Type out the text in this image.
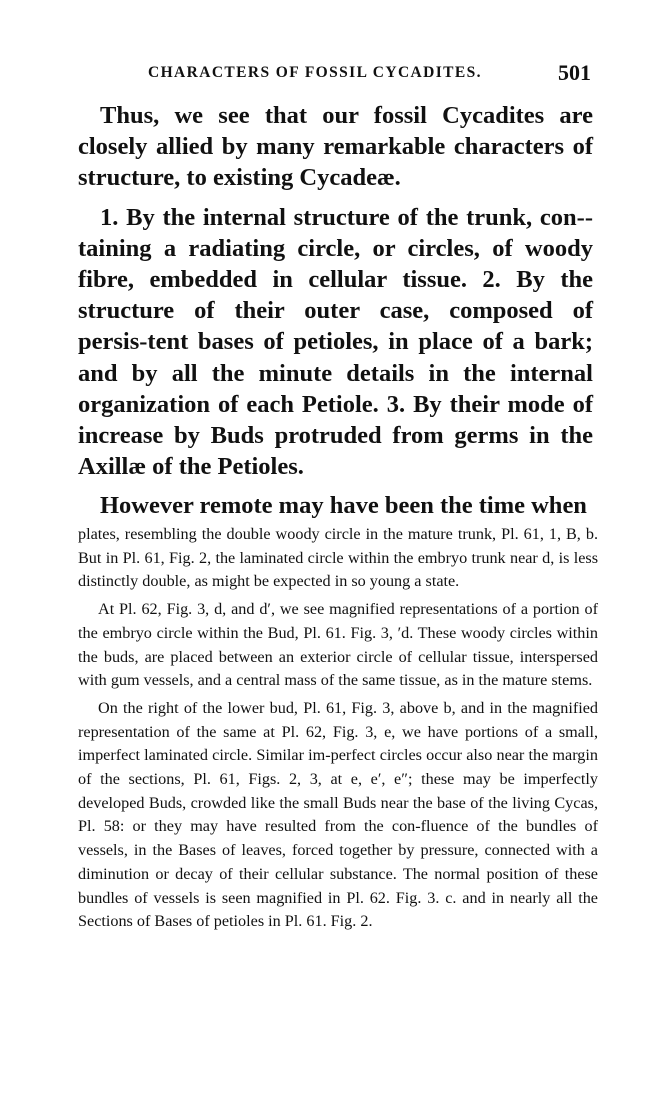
CHARACTERS OF FOSSIL CYCADITES.	501

Thus, we see that our fossil Cycadites are closely allied by many remarkable characters of structure, to existing Cycadeæ.

1. By the internal structure of the trunk, con-taining a radiating circle, or circles, of woody fibre, embedded in cellular tissue. 2. By the structure of their outer case, composed of persis-tent bases of petioles, in place of a bark; and by all the minute details in the internal organization of each Petiole. 3. By their mode of increase by Buds protruded from germs in the Axillæ of the Petioles.

However remote may have been the time when

plates, resembling the double woody circle in the mature trunk, Pl. 61, 1, B, b. But in Pl. 61, Fig. 2, the laminated circle within the embryo trunk near d, is less distinctly double, as might be expected in so young a state.

At Pl. 62, Fig. 3, d, and d′, we see magnified representations of a portion of the embryo circle within the Bud, Pl. 61. Fig. 3, ′d. These woody circles within the buds, are placed between an exterior circle of cellular tissue, interspersed with gum vessels, and a central mass of the same tissue, as in the mature stems.

On the right of the lower bud, Pl. 61, Fig. 3, above b, and in the magnified representation of the same at Pl. 62, Fig. 3, e, we have portions of a small, imperfect laminated circle. Similar im-perfect circles occur also near the margin of the sections, Pl. 61, Figs. 2, 3, at e, e′, e″; these may be imperfectly developed Buds, crowded like the small Buds near the base of the living Cycas, Pl. 58: or they may have resulted from the con-fluence of the bundles of vessels, in the Bases of leaves, forced together by pressure, connected with a diminution or decay of their cellular substance. The normal position of these bundles of vessels is seen magnified in Pl. 62. Fig. 3. c. and in nearly all the Sections of Bases of petioles in Pl. 61. Fig. 2.
